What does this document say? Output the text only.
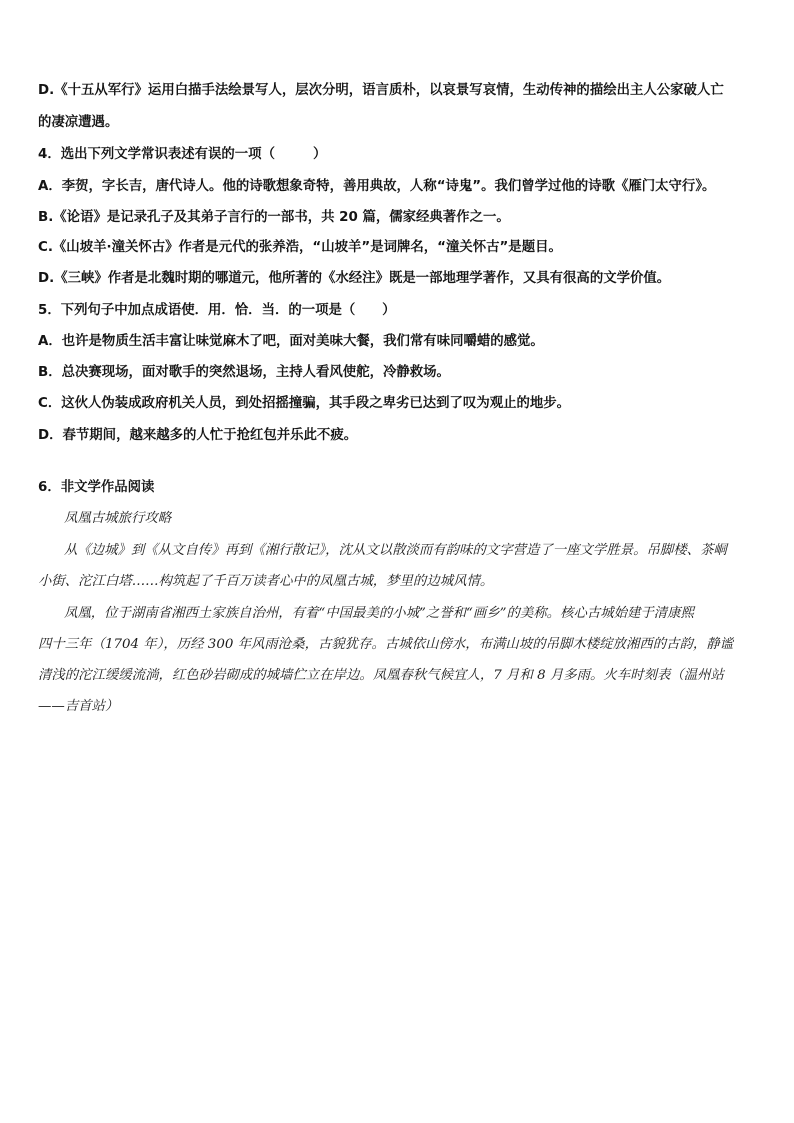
D.《十五从军行》运用白描手法绘景写人，层次分明，语言质朴，以哀景写哀情，生动传神的描绘出主人公家破人亡

的凄凉遭遇。

4．选出下列文学常识表述有误的一项（	）

A．李贺，字长吉，唐代诗人。他的诗歌想象奇特，善用典故，人称“诗鬼”。我们曾学过他的诗歌《雁门太守行》。

B.《论语》是记录孔子及其弟子言行的一部书，共 20 篇，儒家经典著作之一。

C.《山坡羊·潼关怀古》作者是元代的张养浩，“山坡羊”是词牌名，“潼关怀古”是题目。

D.《三峡》作者是北魏时期的哪道元，他所著的《水经注》既是一部地理学著作，又具有很高的文学价值。

5．下列句子中加点成语使．用．恰．当．的一项是（　　）

A．也许是物质生活丰富让味觉麻木了吧，面对美味大餐，我们常有味同嚼蜡的感觉。

B．总决赛现场，面对歌手的突然退场，主持人看风使舵，冷静救场。

C．这伙人伪装成政府机关人员，到处招摇撞骗，其手段之卑劣已达到了叹为观止的地步。

D．春节期间，越来越多的人忙于抢红包并乐此不疲。

6．非文学作品阅读

凤凰古城旅行攻略

从《边城》到《从文自传》再到《湘行散记》，沈从文以散淡而有韵味的文字营造了一座文学胜景。吊脚楼、茶峒

小街、沱江白塔……构筑起了千百万读者心中的凤凰古城，梦里的边城风情。

凤凰，位于湖南省湘西土家族自治州，有着“中国最美的小城”之誉和“画乡”的美称。核心古城始建于清康熙

四十三年（1704 年），历经 300 年风雨沧桑，古貌犹存。古城依山傍水，布满山坡的吊脚木楼绽放湘西的古韵，静谧

清浅的沱江缓缓流淌，红色砂岩砌成的城墙伫立在岸边。凤凰春秋气候宜人，7 月和 8 月多雨。火车时刻表（温州站

——吉首站）
